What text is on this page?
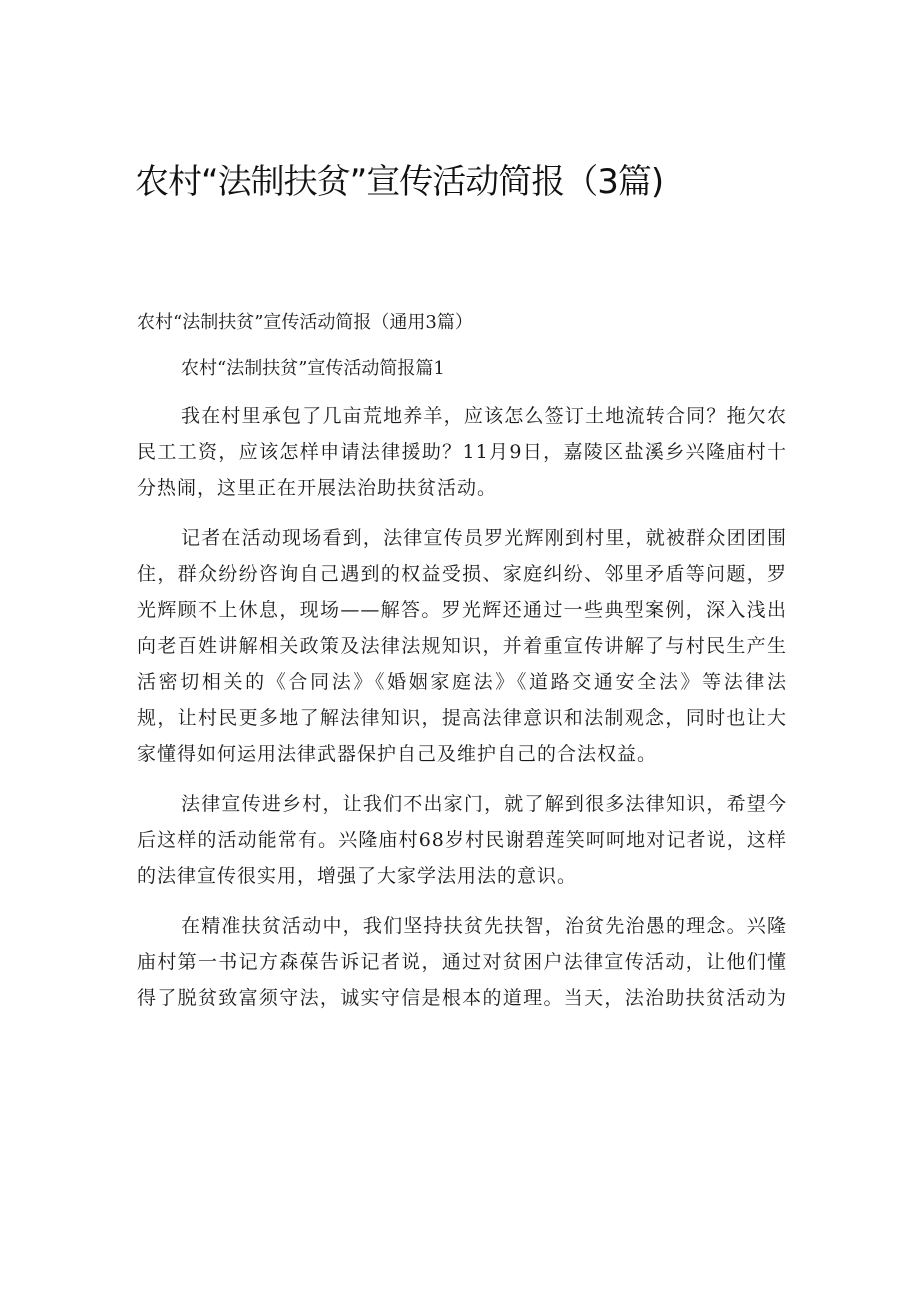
农村“法制扶贫”宣传活动简报（3篇)

农村“法制扶贫”宣传活动简报（通用3篇）

农村“法制扶贫”宣传活动简报篇1

我在村里承包了几亩荒地养羊，应该怎么签订土地流转合同？拖欠农
民工工资，应该怎样申请法律援助？11月9日，嘉陵区盐溪乡兴隆庙村十
分热闹，这里正在开展法治助扶贫活动。

记者在活动现场看到，法律宣传员罗光辉刚到村里，就被群众团团围
住，群众纷纷咨询自己遇到的权益受损、家庭纠纷、邻里矛盾等问题，罗
光辉顾不上休息，现场——解答。罗光辉还通过一些典型案例，深入浅出
向老百姓讲解相关政策及法律法规知识，并着重宣传讲解了与村民生产生
活密切相关的《合同法》《婚姻家庭法》《道路交通安全法》等法律法
规，让村民更多地了解法律知识，提高法律意识和法制观念，同时也让大
家懂得如何运用法律武器保护自己及维护自己的合法权益。

法律宣传进乡村，让我们不出家门，就了解到很多法律知识，希望今
后这样的活动能常有。兴隆庙村68岁村民谢碧莲笑呵呵地对记者说，这样
的法律宣传很实用，增强了大家学法用法的意识。

在精准扶贫活动中，我们坚持扶贫先扶智，治贫先治愚的理念。兴隆
庙村第一书记方森葆告诉记者说，通过对贫困户法律宣传活动，让他们懂
得了脱贫致富须守法，诚实守信是根本的道理。当天，法治助扶贫活动为
